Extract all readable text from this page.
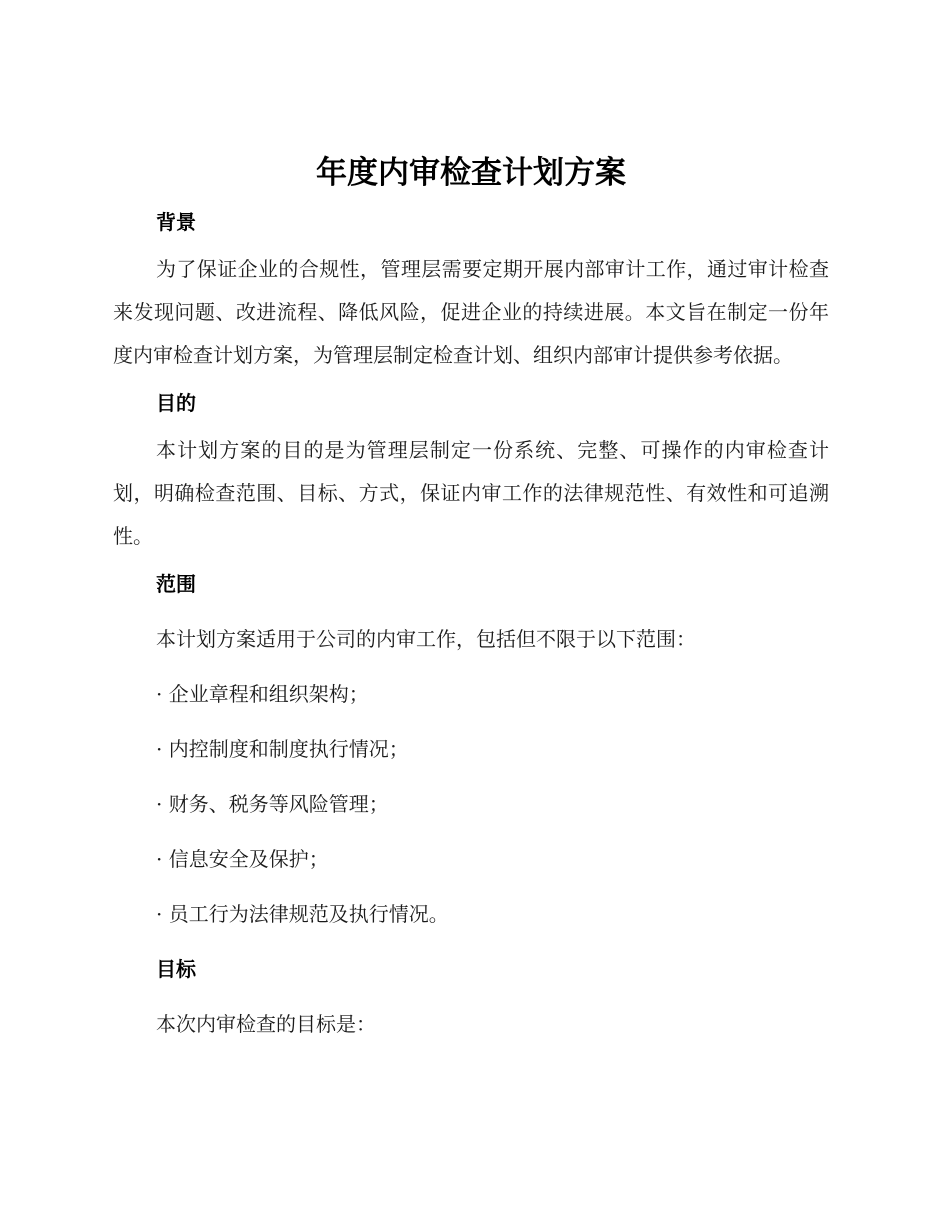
年度内审检查计划方案
背景

为了保证企业的合规性，管理层需要定期开展内部审计工作，通过审计检查来发现问题、改进流程、降低风险，促进企业的持续进展。本文旨在制定一份年度内审检查计划方案，为管理层制定检查计划、组织内部审计提供参考依据。

目的

本计划方案的目的是为管理层制定一份系统、完整、可操作的内审检查计划，明确检查范围、目标、方式，保证内审工作的法律规范性、有效性和可追溯性。

范围

本计划方案适用于公司的内审工作，包括但不限于以下范围：

· 企业章程和组织架构；

· 内控制度和制度执行情况；

· 财务、税务等风险管理；

· 信息安全及保护；

· 员工行为法律规范及执行情况。

目标

本次内审检查的目标是：
